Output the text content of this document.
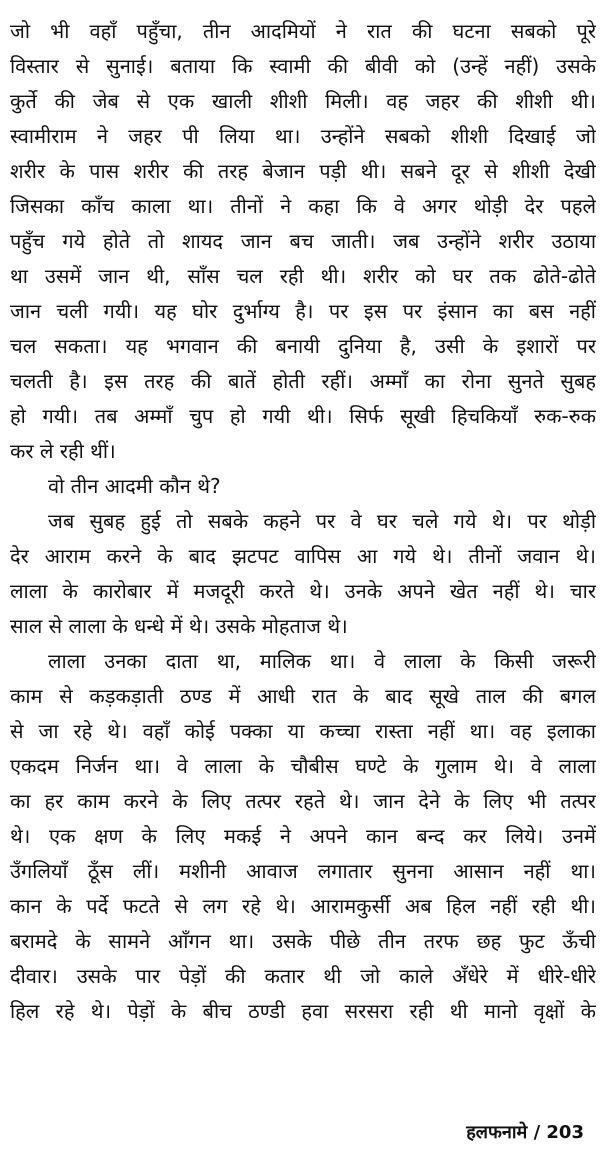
जो भी वहाँ पहुँचा, तीन आदमियों ने रात की घटना सबको पूरे
विस्तार से सुनाई। बताया कि स्वामी की बीवी को (उन्हें नहीं) उसके
कुर्ते की जेब से एक खाली शीशी मिली। वह जहर की शीशी थी।
स्वामीराम ने जहर पी लिया था। उन्होंने सबको शीशी दिखाई जो
शरीर के पास शरीर की तरह बेजान पड़ी थी। सबने दूर से शीशी देखी
जिसका काँच काला था। तीनों ने कहा कि वे अगर थोड़ी देर पहले
पहुँच गये होते तो शायद जान बच जाती। जब उन्होंने शरीर उठाया
था उसमें जान थी, साँस चल रही थी। शरीर को घर तक ढोते-ढोते
जान चली गयी। यह घोर दुर्भाग्य है। पर इस पर इंसान का बस नहीं
चल सकता। यह भगवान की बनायी दुनिया है, उसी के इशारों पर
चलती है। इस तरह की बातें होती रहीं। अम्माँ का रोना सुनते सुबह
हो गयी। तब अम्माँ चुप हो गयी थी। सिर्फ सूखी हिचकियाँ रुक-रुक
कर ले रही थीं।
वो तीन आदमी कौन थे?
जब सुबह हुई तो सबके कहने पर वे घर चले गये थे। पर थोड़ी
देर आराम करने के बाद झटपट वापिस आ गये थे। तीनों जवान थे।
लाला के कारोबार में मजदूरी करते थे। उनके अपने खेत नहीं थे। चार
साल से लाला के धन्धे में थे। उसके मोहताज थे।
लाला उनका दाता था, मालिक था। वे लाला के किसी जरूरी
काम से कड़कड़ाती ठण्ड में आधी रात के बाद सूखे ताल की बगल
से जा रहे थे। वहाँ कोई पक्का या कच्चा रास्ता नहीं था। वह इलाका
एकदम निर्जन था। वे लाला के चौबीस घण्टे के गुलाम थे। वे लाला
का हर काम करने के लिए तत्पर रहते थे। जान देने के लिए भी तत्पर
थे। एक क्षण के लिए मकई ने अपने कान बन्द कर लिये। उनमें
उँगलियाँ ठूँस लीं। मशीनी आवाज लगातार सुनना आसान नहीं था।
कान के पर्दे फटते से लग रहे थे। आरामकुर्सी अब हिल नहीं रही थी।
बरामदे के सामने आँगन था। उसके पीछे तीन तरफ छह फुट ऊँची
दीवार। उसके पार पेड़ों की कतार थी जो काले अँधेरे में धीरे-धीरे
हिल रहे थे। पेड़ों के बीच ठण्डी हवा सरसरा रही थी मानो वृक्षों के
हलफनामे / 203
